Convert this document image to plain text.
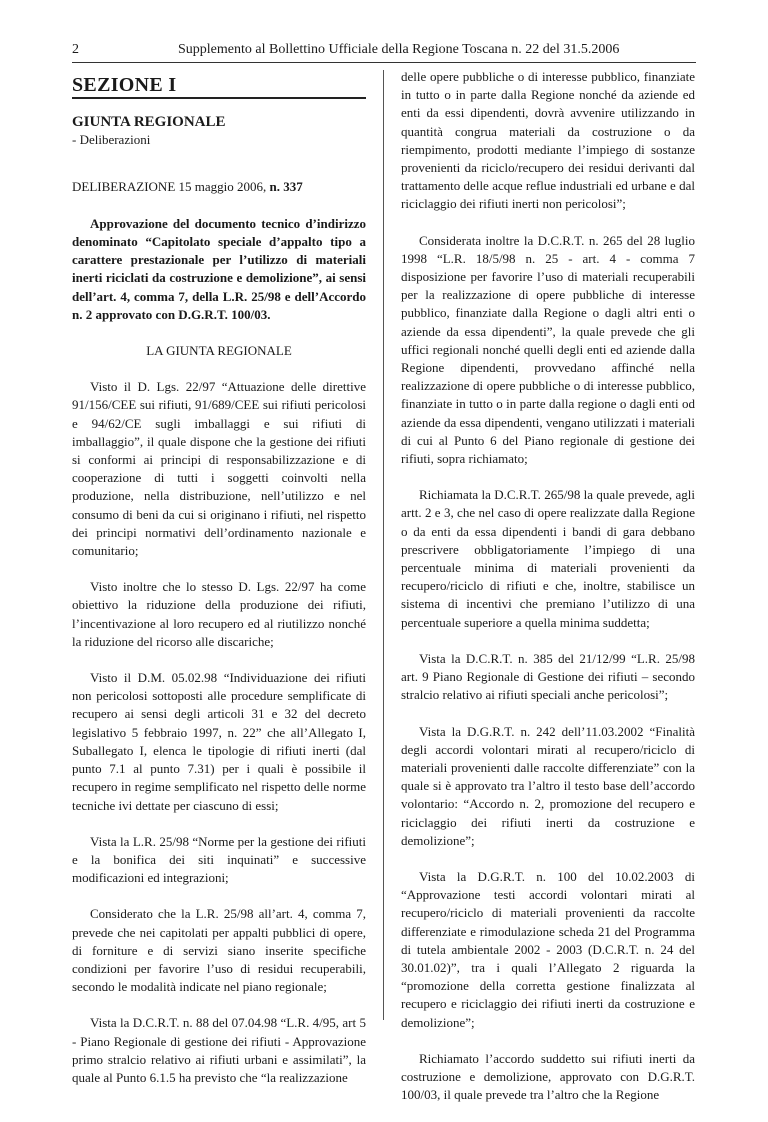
2	Supplemento al Bollettino Ufficiale della Regione Toscana n. 22 del 31.5.2006
SEZIONE I
GIUNTA REGIONALE
- Deliberazioni
DELIBERAZIONE 15 maggio 2006, n. 337

Approvazione del documento tecnico d’indirizzo denominato “Capitolato speciale d’appalto tipo a carattere prestazionale per l’utilizzo di materiali inerti riciclati da costruzione e demolizione”, ai sensi dell’art. 4, comma 7, della L.R. 25/98 e dell’Accordo n. 2 approvato con D.G.R.T. 100/03.

LA GIUNTA REGIONALE

Visto il D. Lgs. 22/97 “Attuazione delle direttive 91/156/CEE sui rifiuti, 91/689/CEE sui rifiuti pericolosi e 94/62/CE sugli imballaggi e sui rifiuti di imballaggio”, il quale dispone che la gestione dei rifiuti si conformi ai principi di responsabilizzazione e di cooperazione di tutti i soggetti coinvolti nella produzione, nella distribuzione, nell’utilizzo e nel consumo di beni da cui si originano i rifiuti, nel rispetto dei principi normativi dell’ordinamento nazionale e comunitario;

Visto inoltre che lo stesso D. Lgs. 22/97 ha come obiettivo la riduzione della produzione dei rifiuti, l’incentivazione al loro recupero ed al riutilizzo nonché la riduzione del ricorso alle discariche;

Visto il D.M. 05.02.98 “Individuazione dei rifiuti non pericolosi sottoposti alle procedure semplificate di recupero ai sensi degli articoli 31 e 32 del decreto legislativo 5 febbraio 1997, n. 22” che all’Allegato I, Suballegato I, elenca le tipologie di rifiuti inerti (dal punto 7.1 al punto 7.31) per i quali è possibile il recupero in regime semplificato nel rispetto delle norme tecniche ivi dettate per ciascuno di essi;

Vista la L.R. 25/98 “Norme per la gestione dei rifiuti e la bonifica dei siti inquinati” e successive modificazioni ed integrazioni;

Considerato che la L.R. 25/98 all’art. 4, comma 7, prevede che nei capitolati per appalti pubblici di opere, di forniture e di servizi siano inserite specifiche condizioni per favorire l’uso di residui recuperabili, secondo le modalità indicate nel piano regionale;

Vista la D.C.R.T. n. 88 del 07.04.98 “L.R. 4/95, art 5 - Piano Regionale di gestione dei rifiuti - Approvazione primo stralcio relativo ai rifiuti urbani e assimilati”, la quale al Punto 6.1.5 ha previsto che “la realizzazione

delle opere pubbliche o di interesse pubblico, finanziate in tutto o in parte dalla Regione nonché da aziende ed enti da essi dipendenti, dovrà avvenire utilizzando in quantità congrua materiali da costruzione o da riempimento, prodotti mediante l’impiego di sostanze provenienti da riciclo/recupero dei residui derivanti dal trattamento delle acque reflue industriali ed urbane e dal riciclaggio dei rifiuti inerti non pericolosi”;

Considerata inoltre la D.C.R.T. n. 265 del 28 luglio 1998 “L.R. 18/5/98 n. 25 - art. 4 - comma 7 disposizione per favorire l’uso di materiali recuperabili per la realizzazione di opere pubbliche di interesse pubblico, finanziate dalla Regione o dagli altri enti o aziende da essa dipendenti”, la quale prevede che gli uffici regionali nonché quelli degli enti ed aziende dalla Regione dipendenti, provvedano affinché nella realizzazione di opere pubbliche o di interesse pubblico, finanziate in tutto o in parte dalla regione o dagli enti od aziende da essa dipendenti, vengano utilizzati i materiali di cui al Punto 6 del Piano regionale di gestione dei rifiuti, sopra richiamato;

Richiamata la D.C.R.T. 265/98 la quale prevede, agli artt. 2 e 3, che nel caso di opere realizzate dalla Regione o da enti da essa dipendenti i bandi di gara debbano prescrivere obbligatoriamente l’impiego di una percentuale minima di materiali provenienti da recupero/riciclo di rifiuti e che, inoltre, stabilisce un sistema di incentivi che premiano l’utilizzo di una percentuale superiore a quella minima suddetta;

Vista la D.C.R.T. n. 385 del 21/12/99 “L.R. 25/98 art. 9 Piano Regionale di Gestione dei rifiuti – secondo stralcio relativo ai rifiuti speciali anche pericolosi”;

Vista la D.G.R.T. n. 242 dell’11.03.2002 “Finalità degli accordi volontari mirati al recupero/riciclo di materiali provenienti dalle raccolte differenziate” con la quale si è approvato tra l’altro il testo base dell’accordo volontario: “Accordo n. 2, promozione del recupero e riciclaggio dei rifiuti inerti da costruzione e demolizione”;

Vista la D.G.R.T. n. 100 del 10.02.2003 di “Approvazione testi accordi volontari mirati al recupero/riciclo di materiali provenienti da raccolte differenziate e rimodulazione scheda 21 del Programma di tutela ambientale 2002 - 2003 (D.C.R.T. n. 24 del 30.01.02)”, tra i quali l’Allegato 2 riguarda la “promozione della corretta gestione finalizzata al recupero e riciclaggio dei rifiuti inerti da costruzione e demolizione”;

Richiamato l’accordo suddetto sui rifiuti inerti da costruzione e demolizione, approvato con D.G.R.T. 100/03, il quale prevede tra l’altro che la Regione
